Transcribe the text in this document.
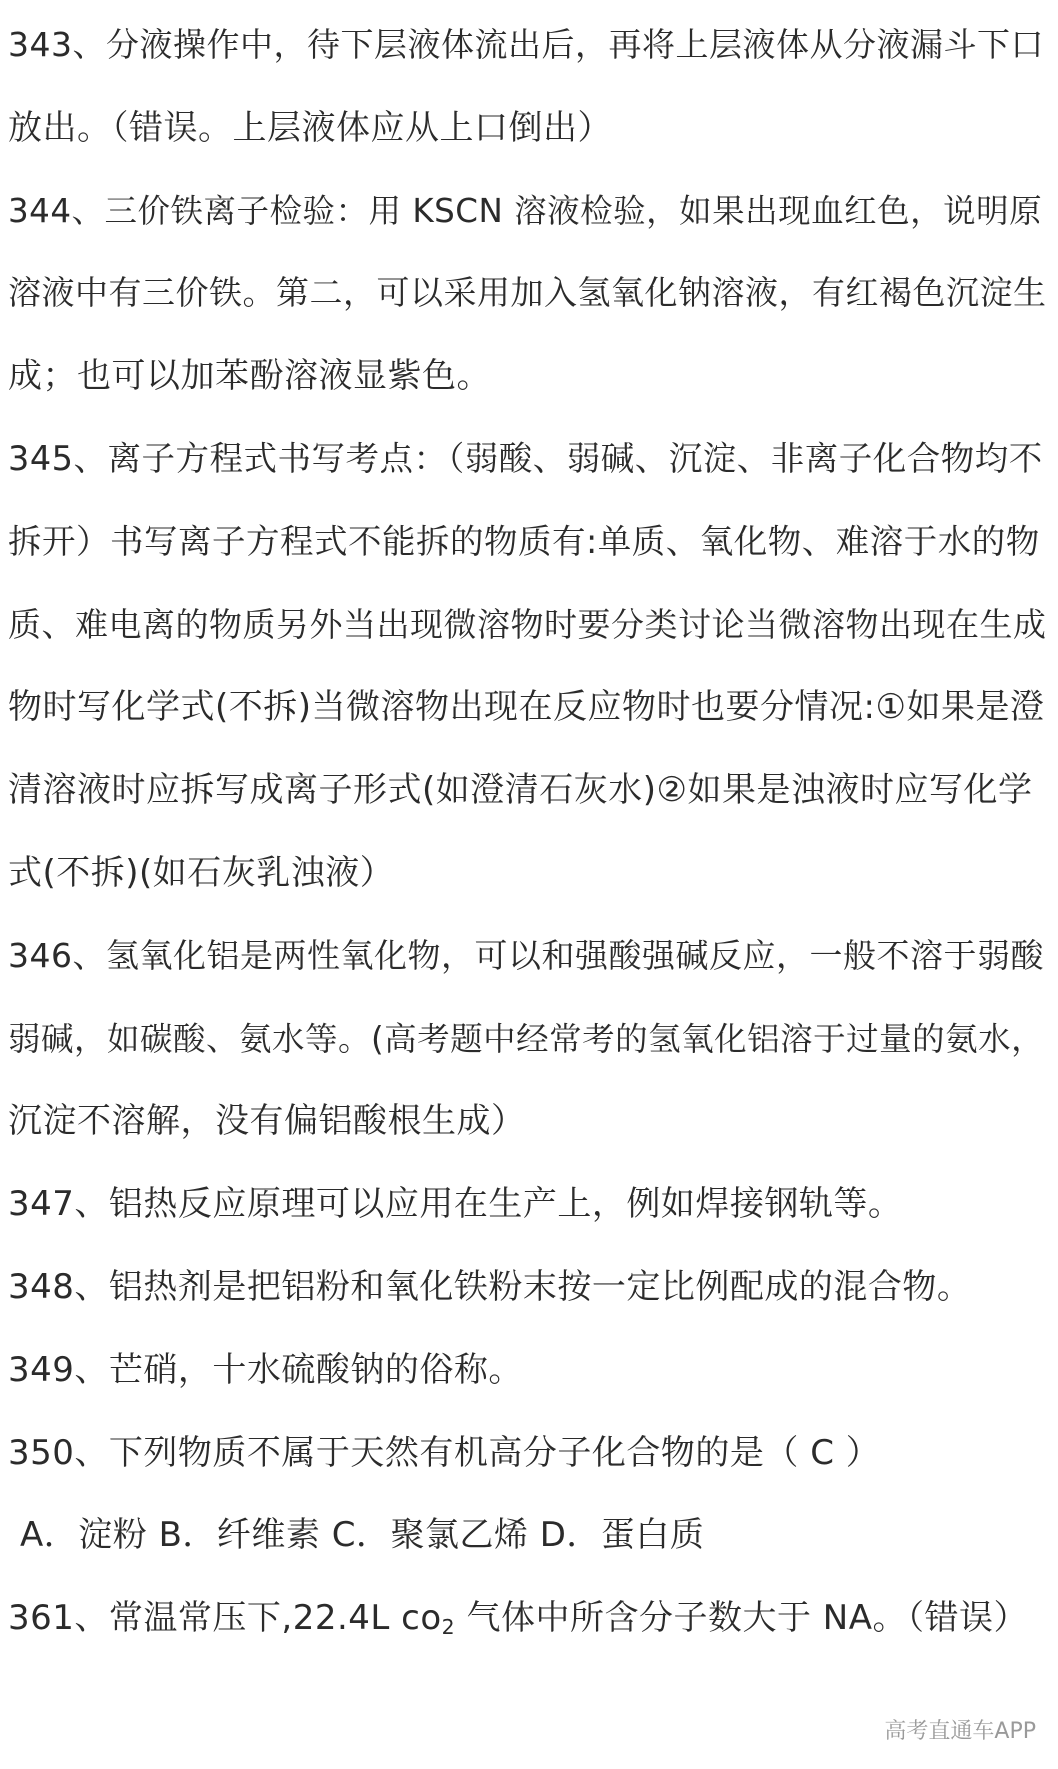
343、分液操作中，待下层液体流出后，再将上层液体从分液漏斗下口
放出。（错误。上层液体应从上口倒出）
344、三价铁离子检验：用 KSCN 溶液检验，如果出现血红色，说明原
溶液中有三价铁。第二，可以采用加入氢氧化钠溶液，有红褐色沉淀生
成；也可以加苯酚溶液显紫色。
345、离子方程式书写考点：（弱酸、弱碱、沉淀、非离子化合物均不
拆开）书写离子方程式不能拆的物质有:单质、氧化物、难溶于水的物
质、难电离的物质另外当出现微溶物时要分类讨论当微溶物出现在生成
物时写化学式(不拆)当微溶物出现在反应物时也要分情况:①如果是澄
清溶液时应拆写成离子形式(如澄清石灰水)②如果是浊液时应写化学
式(不拆)(如石灰乳浊液）
346、氢氧化铝是两性氧化物，可以和强酸强碱反应，一般不溶于弱酸
弱碱，如碳酸、氨水等。(高考题中经常考的氢氧化铝溶于过量的氨水，
沉淀不溶解，没有偏铝酸根生成）
347、铝热反应原理可以应用在生产上，例如焊接钢轨等。
348、铝热剂是把铝粉和氧化铁粉末按一定比例配成的混合物。
349、芒硝，十水硫酸钠的俗称。
350、下列物质不属于天然有机高分子化合物的是（ C ）
A．淀粉 B．纤维素 C．聚氯乙烯 D．蛋白质
361、常温常压下,22.4L $co_2$ 气体中所含分子数大于 NA。（错误）
高考直通车APP
